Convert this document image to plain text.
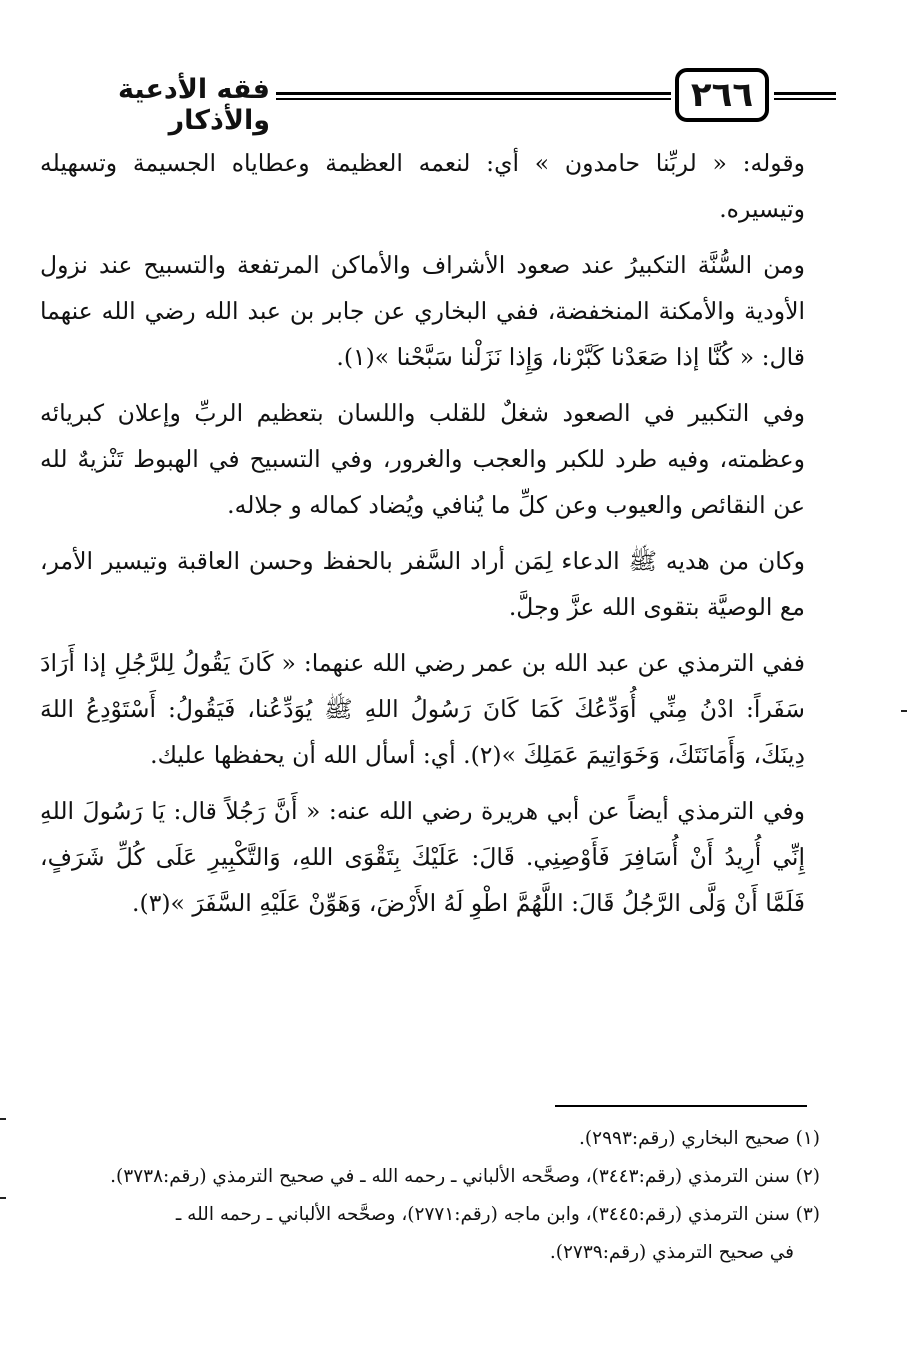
٢٦٦
فقه الأدعية والأذكار

وقوله: « لربِّنا حامدون » أي: لنعمه العظيمة وعطاياه الجسيمة وتسهيله وتيسيره.

ومن السُّنَّة التكبيرُ عند صعود الأشراف والأماكن المرتفعة والتسبيح عند نزول الأودية والأمكنة المنخفضة، ففي البخاري عن جابر بن عبد الله رضي الله عنهما قال: « كُنَّا إذا صَعَدْنا كَبَّرْنا، وَإِذا نَزَلْنا سَبَّحْنا »(١).

وفي التكبير في الصعود شغلٌ للقلب واللسان بتعظيم الربِّ وإعلان كبريائه وعظمته، وفيه طرد للكبر والعجب والغرور، وفي التسبيح في الهبوط تَنْزيهٌ لله عن النقائص والعيوب وعن كلِّ ما يُنافي ويُضاد كماله و جلاله.

وكان من هديه ﷺ الدعاء لِمَن أراد السَّفر بالحفظ وحسن العاقبة وتيسير الأمر، مع الوصيَّة بتقوى الله عزَّ وجلَّ.

ففي الترمذي عن عبد الله بن عمر رضي الله عنهما: « كَانَ يَقُولُ لِلرَّجُلِ إذا أَرَادَ سَفَراً: ادْنُ مِنِّي أُوَدِّعُكَ كَمَا كَانَ رَسُولُ اللهِ ﷺ يُوَدِّعُنا، فَيَقُولُ: أَسْتَوْدِعُ اللهَ دِينَكَ، وَأَمَانَتَكَ، وَخَوَاتِيمَ عَمَلِكَ »(٢). أي: أسأل الله أن يحفظها عليك.

وفي الترمذي أيضاً عن أبي هريرة رضي الله عنه: « أَنَّ رَجُلاً قال: يَا رَسُولَ اللهِ إِنِّي أُرِيدُ أَنْ أُسَافِرَ فَأَوْصِنِي. قَالَ: عَلَيْكَ بِتَقْوَى اللهِ، وَالتَّكْبِيرِ عَلَى كُلِّ شَرَفٍ، فَلَمَّا أَنْ وَلَّى الرَّجُلُ قَالَ: اللَّهُمَّ اطْوِ لَهُ الأَرْضَ، وَهَوِّنْ عَلَيْهِ السَّفَرَ »(٣).

(١) صحيح البخاري (رقم:٢٩٩٣).
(٢) سنن الترمذي (رقم:٣٤٤٣)، وصحَّحه الألباني ـ رحمه الله ـ في صحيح الترمذي (رقم:٣٧٣٨).
(٣) سنن الترمذي (رقم:٣٤٤٥)، وابن ماجه (رقم:٢٧٧١)، وصحَّحه الألباني ـ رحمه الله ـ
في صحيح الترمذي (رقم:٢٧٣٩).
